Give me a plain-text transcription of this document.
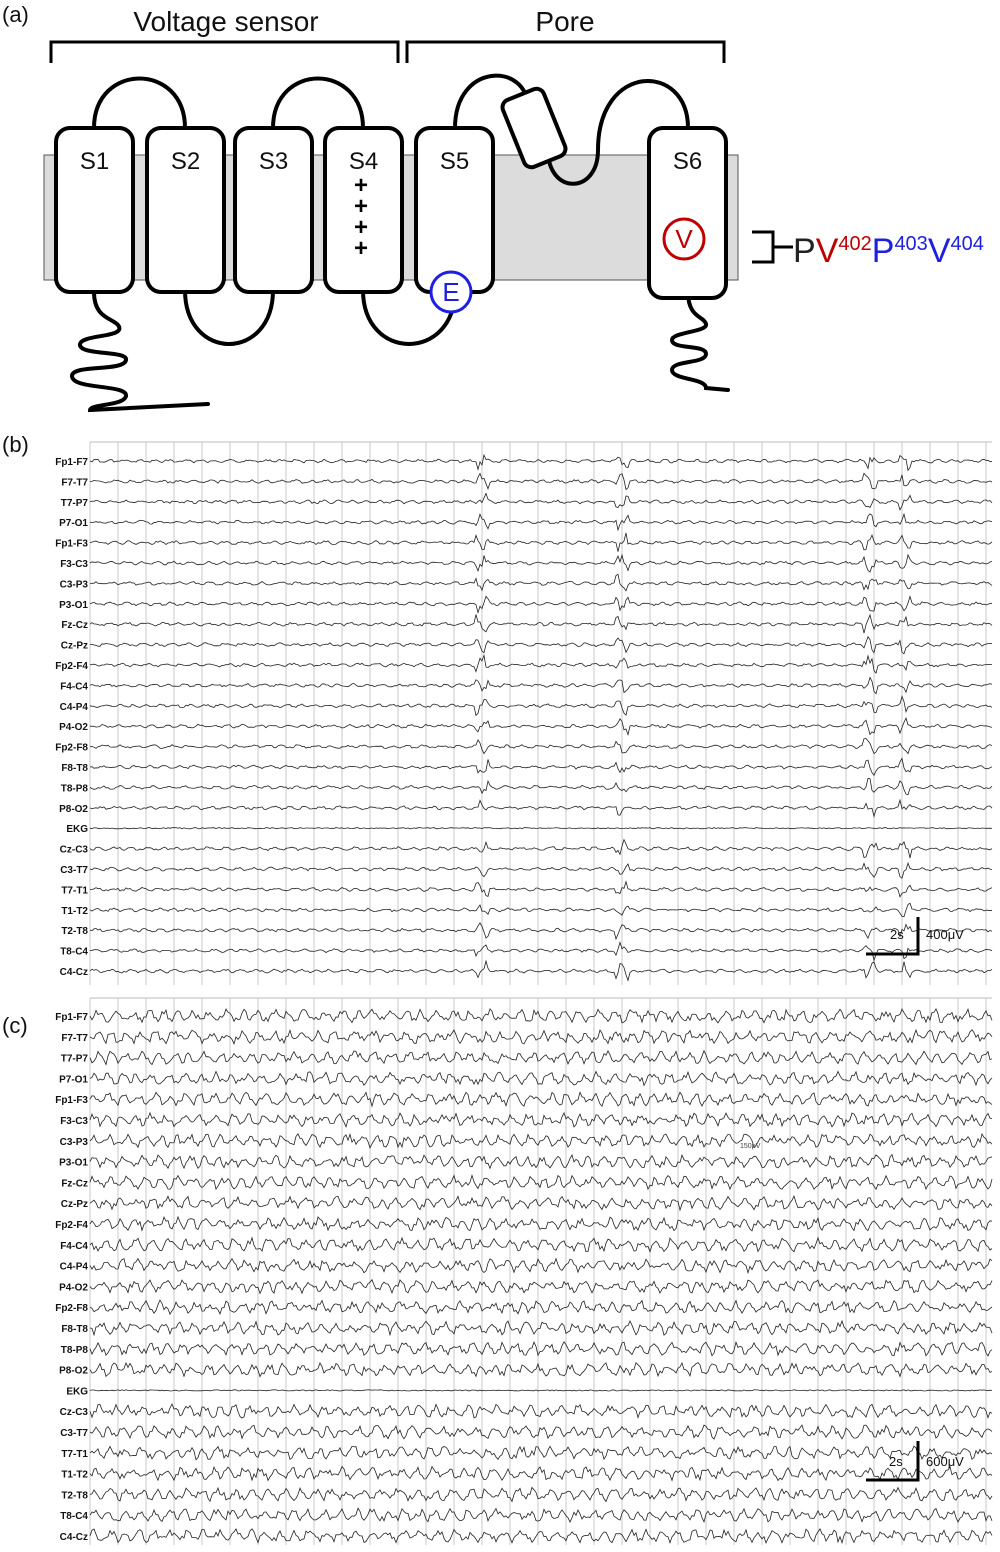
(a)	Voltage sensor	Pore
S1	S2 S3	S4
+
+
+
+
S5	S6
E
V	$PV^{402}P^{403}V^{404}$
(b)
Fp1-F7
F7-T7
T7-P7
P7-O1
Fp1-F3
F3-C3
C3-P3
P3-O1
Fz-Cz
Cz-Pz
Fp2-F4
F4-C4
C4-P4
P4-O2
Fp2-F8
F8-T8
T8-P8
P8-O2
EKG
Cz-C3
C3-T7
T7-T1
T1-T2
T2-T8
T8-C4
C4-Cz
2s 400μV
(c)	Fp1-F7
F7-T7
T7-P7
P7-O1
Fp1-F3
F3-C3
C3-P3
P3-O1
Fz-Cz
Cz-Pz
Fp2-F4
F4-C4
C4-P4
P4-O2
Fp2-F8
F8-T8
T8-P8
P8-O2
EKG
Cz-C3
C3-T7
T7-T1
T1-T2
T2-T8
T8-C4
C4-Cz
150μV
2s 600μV
